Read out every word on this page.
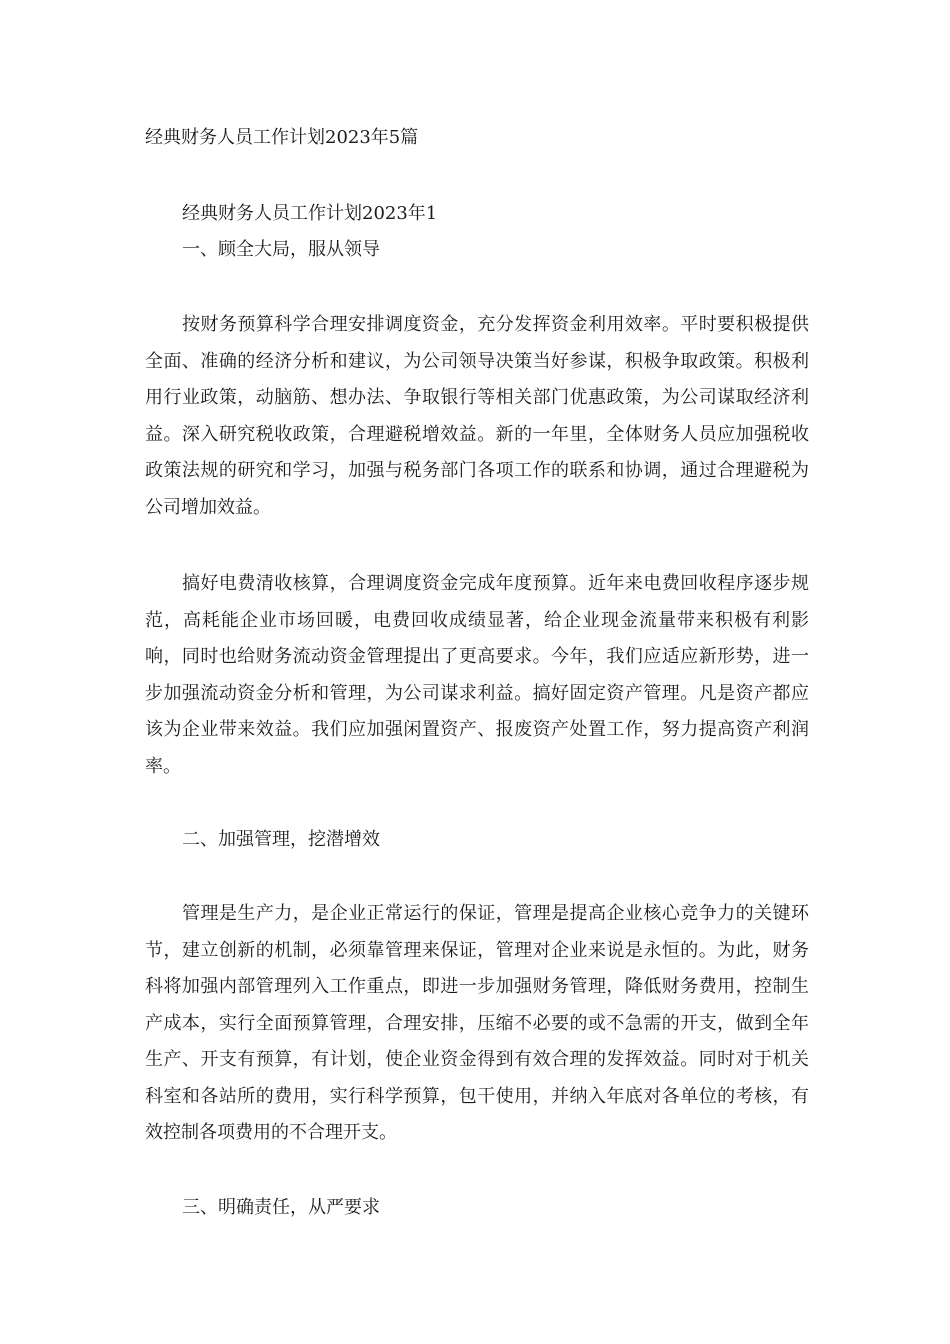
经典财务人员工作计划2023年5篇
经典财务人员工作计划2023年1
一、顾全大局，服从领导
按财务预算科学合理安排调度资金，充分发挥资金利用效率。平时要积极提供全面、准确的经济分析和建议，为公司领导决策当好参谋，积极争取政策。积极利用行业政策，动脑筋、想办法、争取银行等相关部门优惠政策，为公司谋取经济利益。深入研究税收政策，合理避税增效益。新的一年里，全体财务人员应加强税收政策法规的研究和学习，加强与税务部门各项工作的联系和协调，通过合理避税为公司增加效益。
搞好电费清收核算，合理调度资金完成年度预算。近年来电费回收程序逐步规范，高耗能企业市场回暖，电费回收成绩显著，给企业现金流量带来积极有利影响，同时也给财务流动资金管理提出了更高要求。今年，我们应适应新形势，进一步加强流动资金分析和管理，为公司谋求利益。搞好固定资产管理。凡是资产都应该为企业带来效益。我们应加强闲置资产、报废资产处置工作，努力提高资产利润率。
二、加强管理，挖潜增效
管理是生产力，是企业正常运行的保证，管理是提高企业核心竞争力的关键环节，建立创新的机制，必须靠管理来保证，管理对企业来说是永恒的。为此，财务科将加强内部管理列入工作重点，即进一步加强财务管理，降低财务费用，控制生产成本，实行全面预算管理，合理安排，压缩不必要的或不急需的开支，做到全年生产、开支有预算，有计划，使企业资金得到有效合理的发挥效益。同时对于机关科室和各站所的费用，实行科学预算，包干使用，并纳入年底对各单位的考核，有效控制各项费用的不合理开支。
三、明确责任，从严要求
